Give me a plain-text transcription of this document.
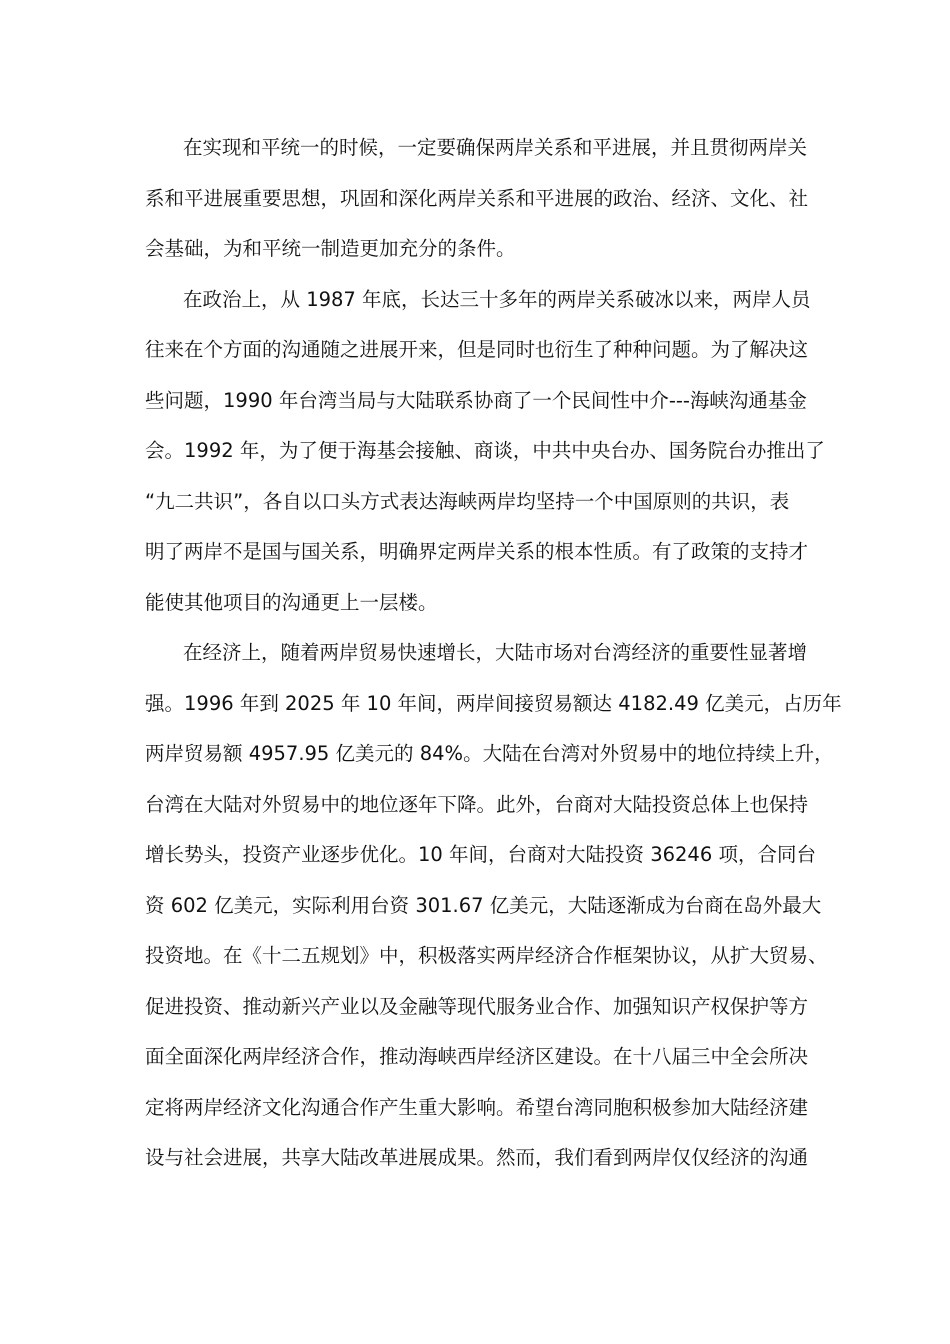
在实现和平统一的时候，一定要确保两岸关系和平进展，并且贯彻两岸关
系和平进展重要思想，巩固和深化两岸关系和平进展的政治、经济、文化、社
会基础，为和平统一制造更加充分的条件。
在政治上，从 1987 年底，长达三十多年的两岸关系破冰以来，两岸人员
往来在个方面的沟通随之进展开来，但是同时也衍生了种种问题。为了解决这
些问题，1990 年台湾当局与大陆联系协商了一个民间性中介---海峡沟通基金
会。1992 年，为了便于海基会接触、商谈，中共中央台办、国务院台办推出了
“九二共识”，各自以口头方式表达海峡两岸均坚持一个中国原则的共识，表
明了两岸不是国与国关系，明确界定两岸关系的根本性质。有了政策的支持才
能使其他项目的沟通更上一层楼。
在经济上，随着两岸贸易快速增长，大陆市场对台湾经济的重要性显著增
强。1996 年到 2025 年 10 年间，两岸间接贸易额达 4182.49 亿美元，占历年
两岸贸易额 4957.95 亿美元的 84%。大陆在台湾对外贸易中的地位持续上升，
台湾在大陆对外贸易中的地位逐年下降。此外，台商对大陆投资总体上也保持
增长势头，投资产业逐步优化。10 年间，台商对大陆投资 36246 项，合同台
资 602 亿美元，实际利用台资 301.67 亿美元，大陆逐渐成为台商在岛外最大
投资地。在《十二五规划》中，积极落实两岸经济合作框架协议，从扩大贸易、
促进投资、推动新兴产业以及金融等现代服务业合作、加强知识产权保护等方
面全面深化两岸经济合作，推动海峡西岸经济区建设。在十八届三中全会所决
定将两岸经济文化沟通合作产生重大影响。希望台湾同胞积极参加大陆经济建
设与社会进展，共享大陆改革进展成果。然而，我们看到两岸仅仅经济的沟通
